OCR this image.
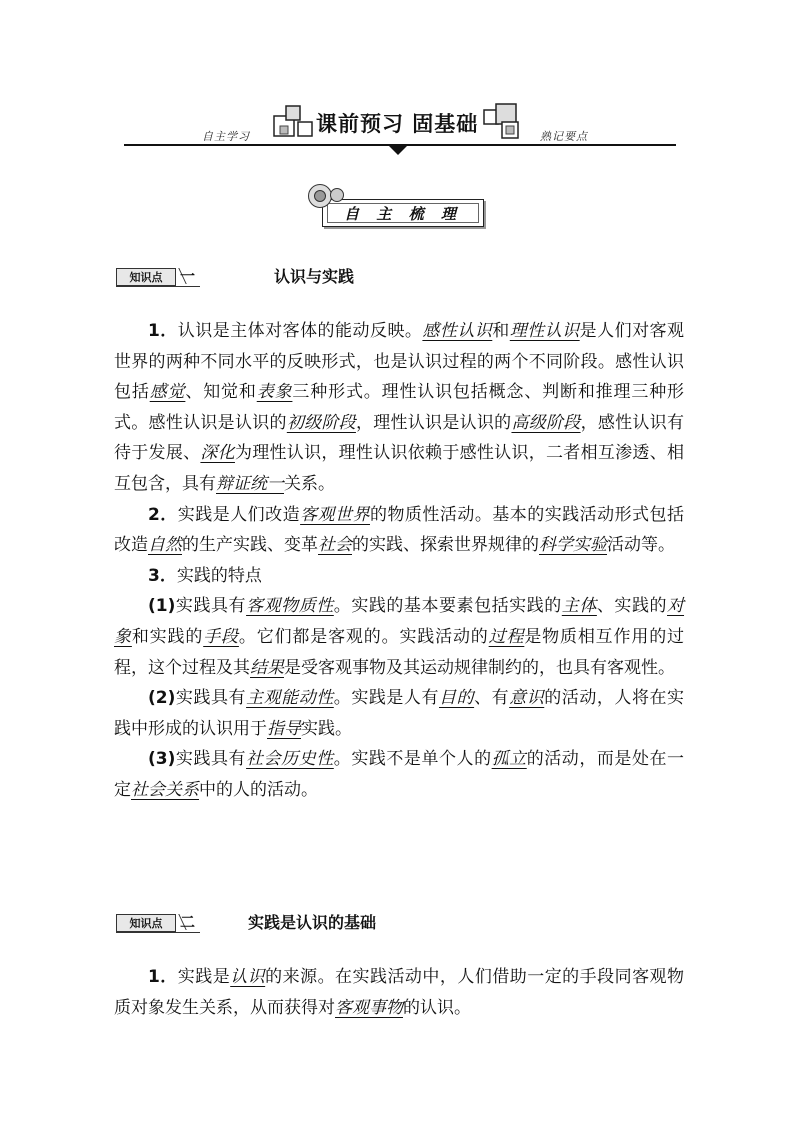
课前预习 固基础
自主学习	熟记要点
自 主 梳 理
知识点	一	认识与实践

1．认识是主体对客体的能动反映。感性认识和理性认识是人们对客观世界的两种不同水平的反映形式，也是认识过程的两个不同阶段。感性认识包括感觉、知觉和表象三种形式。理性认识包括概念、判断和推理三种形式。感性认识是认识的初级阶段，理性认识是认识的高级阶段，感性认识有待于发展、深化为理性认识，理性认识依赖于感性认识，二者相互渗透、相互包含，具有辩证统一关系。

2．实践是人们改造客观世界的物质性活动。基本的实践活动形式包括改造自然的生产实践、变革社会的实践、探索世界规律的科学实验活动等。

3．实践的特点

(1)实践具有客观物质性。实践的基本要素包括实践的主体、实践的对象和实践的手段。它们都是客观的。实践活动的过程是物质相互作用的过程，这个过程及其结果是受客观事物及其运动规律制约的，也具有客观性。

(2)实践具有主观能动性。实践是人有目的、有意识的活动，人将在实践中形成的认识用于指导实践。

(3)实践具有社会历史性。实践不是单个人的孤立的活动，而是处在一定社会关系中的人的活动。

知识点	二	实践是认识的基础

1．实践是认识的来源。在实践活动中，人们借助一定的手段同客观物质对象发生关系，从而获得对客观事物的认识。
